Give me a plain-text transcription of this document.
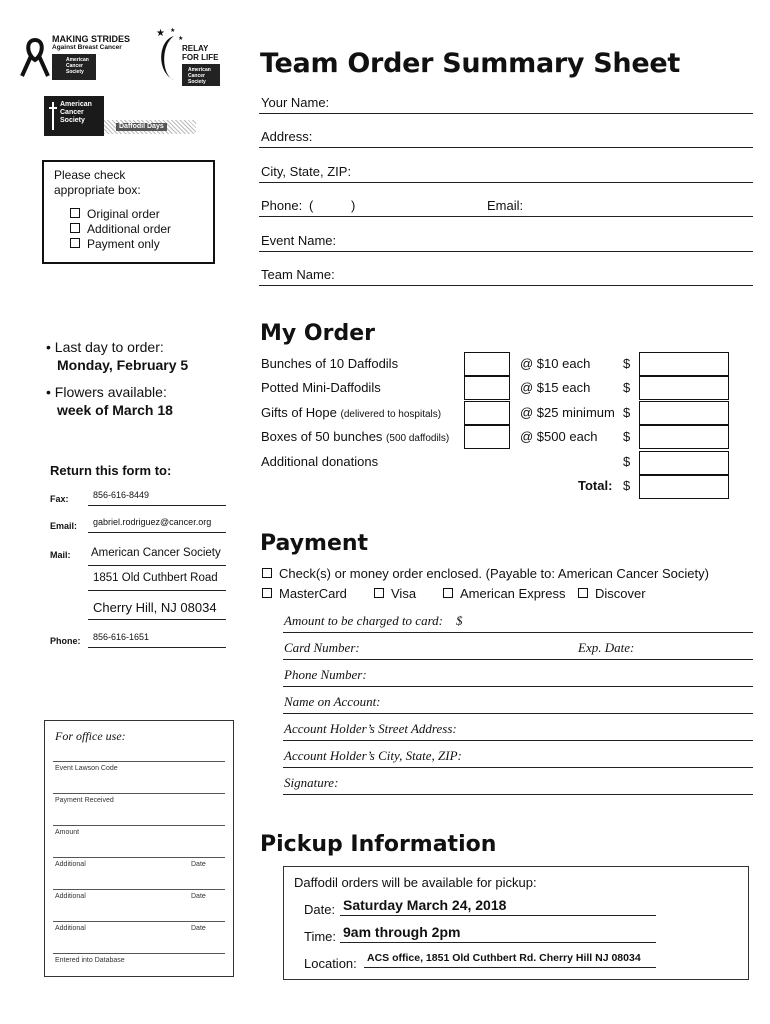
MAKING STRIDES
Against Breast Cancer
American Cancer Society
★ ★
★
RELAY
FOR LIFE
American Cancer Society
American Cancer Society
Daffodil Days
Team Order Summary Sheet
Your Name:
Address:
City, State, ZIP:
Phone: (	)	Email:
Event Name:
Team Name:
Please check
appropriate box:
Original order
Additional order
Payment only
• Last day to order:
Monday, February 5
• Flowers available:
week of March 18
Return this form to:
Fax:	856-616-8449
Email: gabriel.rodriguez@cancer.org
Mail: American Cancer Society
1851 Old Cuthbert Road
Cherry Hill, NJ 08034
Phone: 856-616-1651
For office use:
Event Lawson Code
Payment Received
Amount
Additional	Date
Additional	Date
Additional	Date
Entered into Database
My Order
Bunches of 10 Daffodils	@ $10 each	$
Potted Mini-Daffodils	@ $15 each	$
Gifts of Hope (delivered to hospitals)	@ $25 minimum $
Boxes of 50 bunches (500 daffodils)	@ $500 each $
Additional donations	$
Total: $
Payment
Check(s) or money order enclosed. (Payable to: American Cancer Society)
MasterCard	Visa	American Express	Discover
Amount to be charged to card: $
Card Number:	Exp. Date:
Phone Number:
Name on Account:
Account Holder’s Street Address:
Account Holder’s City, State, ZIP:
Signature:
Pickup Information
Daffodil orders will be available for pickup:
Date: Saturday March 24, 2018
Time: 9am through 2pm
Location: ACS office, 1851 Old Cuthbert Rd. Cherry Hill NJ 08034
